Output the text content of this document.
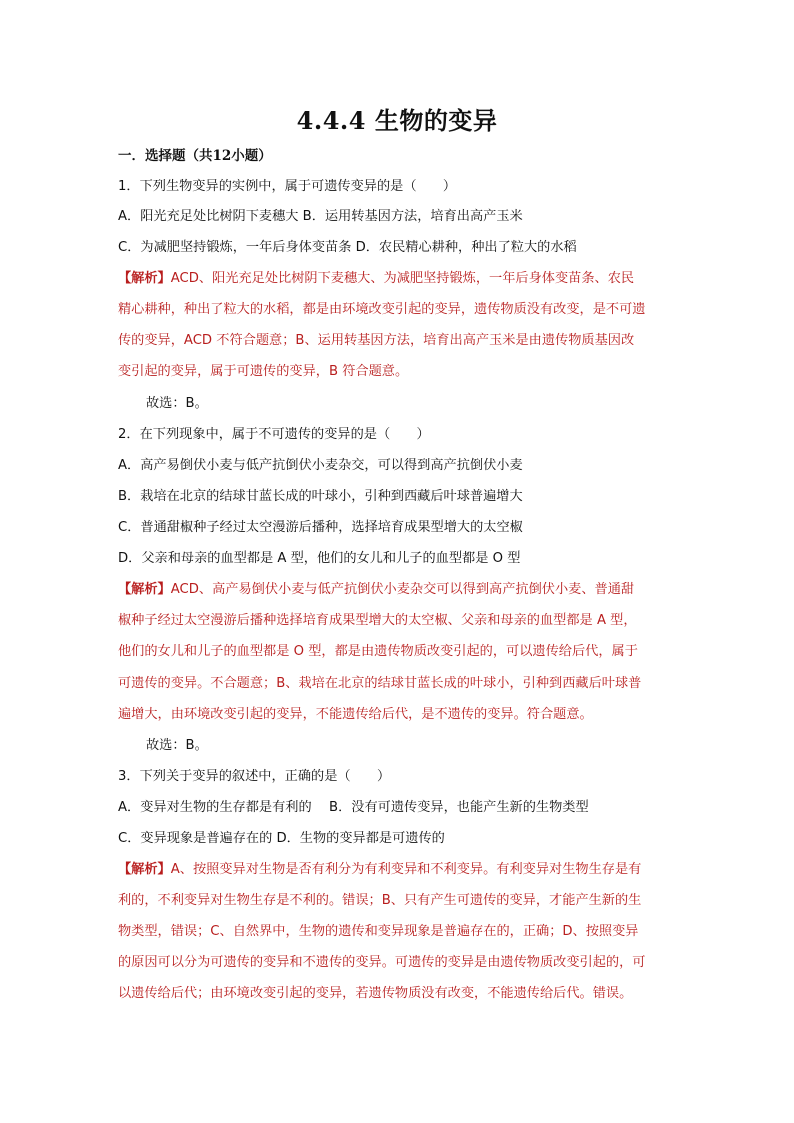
4.4.4 生物的变异
一．选择题（共12小题）
1．下列生物变异的实例中，属于可遗传变异的是（　　）
A．阳光充足处比树阴下麦穗大 B．运用转基因方法，培育出高产玉米
C．为减肥坚持锻炼，一年后身体变苗条 D．农民精心耕种，种出了粒大的水稻
【解析】ACD、阳光充足处比树阴下麦穗大、为减肥坚持锻炼，一年后身体变苗条、农民
精心耕种，种出了粒大的水稻，都是由环境改变引起的变异，遗传物质没有改变，是不可遗
传的变异，ACD 不符合题意；B、运用转基因方法，培育出高产玉米是由遗传物质基因改
变引起的变异，属于可遗传的变异，B 符合题意。
故选：B。
2．在下列现象中，属于不可遗传的变异的是（　　）
A．高产易倒伏小麦与低产抗倒伏小麦杂交，可以得到高产抗倒伏小麦
B．栽培在北京的结球甘蓝长成的叶球小，引种到西藏后叶球普遍增大
C．普通甜椒种子经过太空漫游后播种，选择培育成果型增大的太空椒
D．父亲和母亲的血型都是 A 型，他们的女儿和儿子的血型都是 O 型
【解析】ACD、高产易倒伏小麦与低产抗倒伏小麦杂交可以得到高产抗倒伏小麦、普通甜
椒种子经过太空漫游后播种选择培育成果型增大的太空椒、父亲和母亲的血型都是 A 型，
他们的女儿和儿子的血型都是 O 型，都是由遗传物质改变引起的，可以遗传给后代，属于
可遗传的变异。不合题意；B、栽培在北京的结球甘蓝长成的叶球小，引种到西藏后叶球普
遍增大，由环境改变引起的变异，不能遗传给后代，是不遗传的变异。符合题意。
故选：B。
3．下列关于变异的叙述中，正确的是（　　）
A．变异对生物的生存都是有利的　 B．没有可遗传变异，也能产生新的生物类型
C．变异现象是普遍存在的 D．生物的变异都是可遗传的
【解析】A、按照变异对生物是否有利分为有利变异和不利变异。有利变异对生物生存是有
利的，不利变异对生物生存是不利的。错误；B、只有产生可遗传的变异，才能产生新的生
物类型，错误；C、自然界中，生物的遗传和变异现象是普遍存在的，正确；D、按照变异
的原因可以分为可遗传的变异和不遗传的变异。可遗传的变异是由遗传物质改变引起的，可
以遗传给后代；由环境改变引起的变异，若遗传物质没有改变，不能遗传给后代。错误。
